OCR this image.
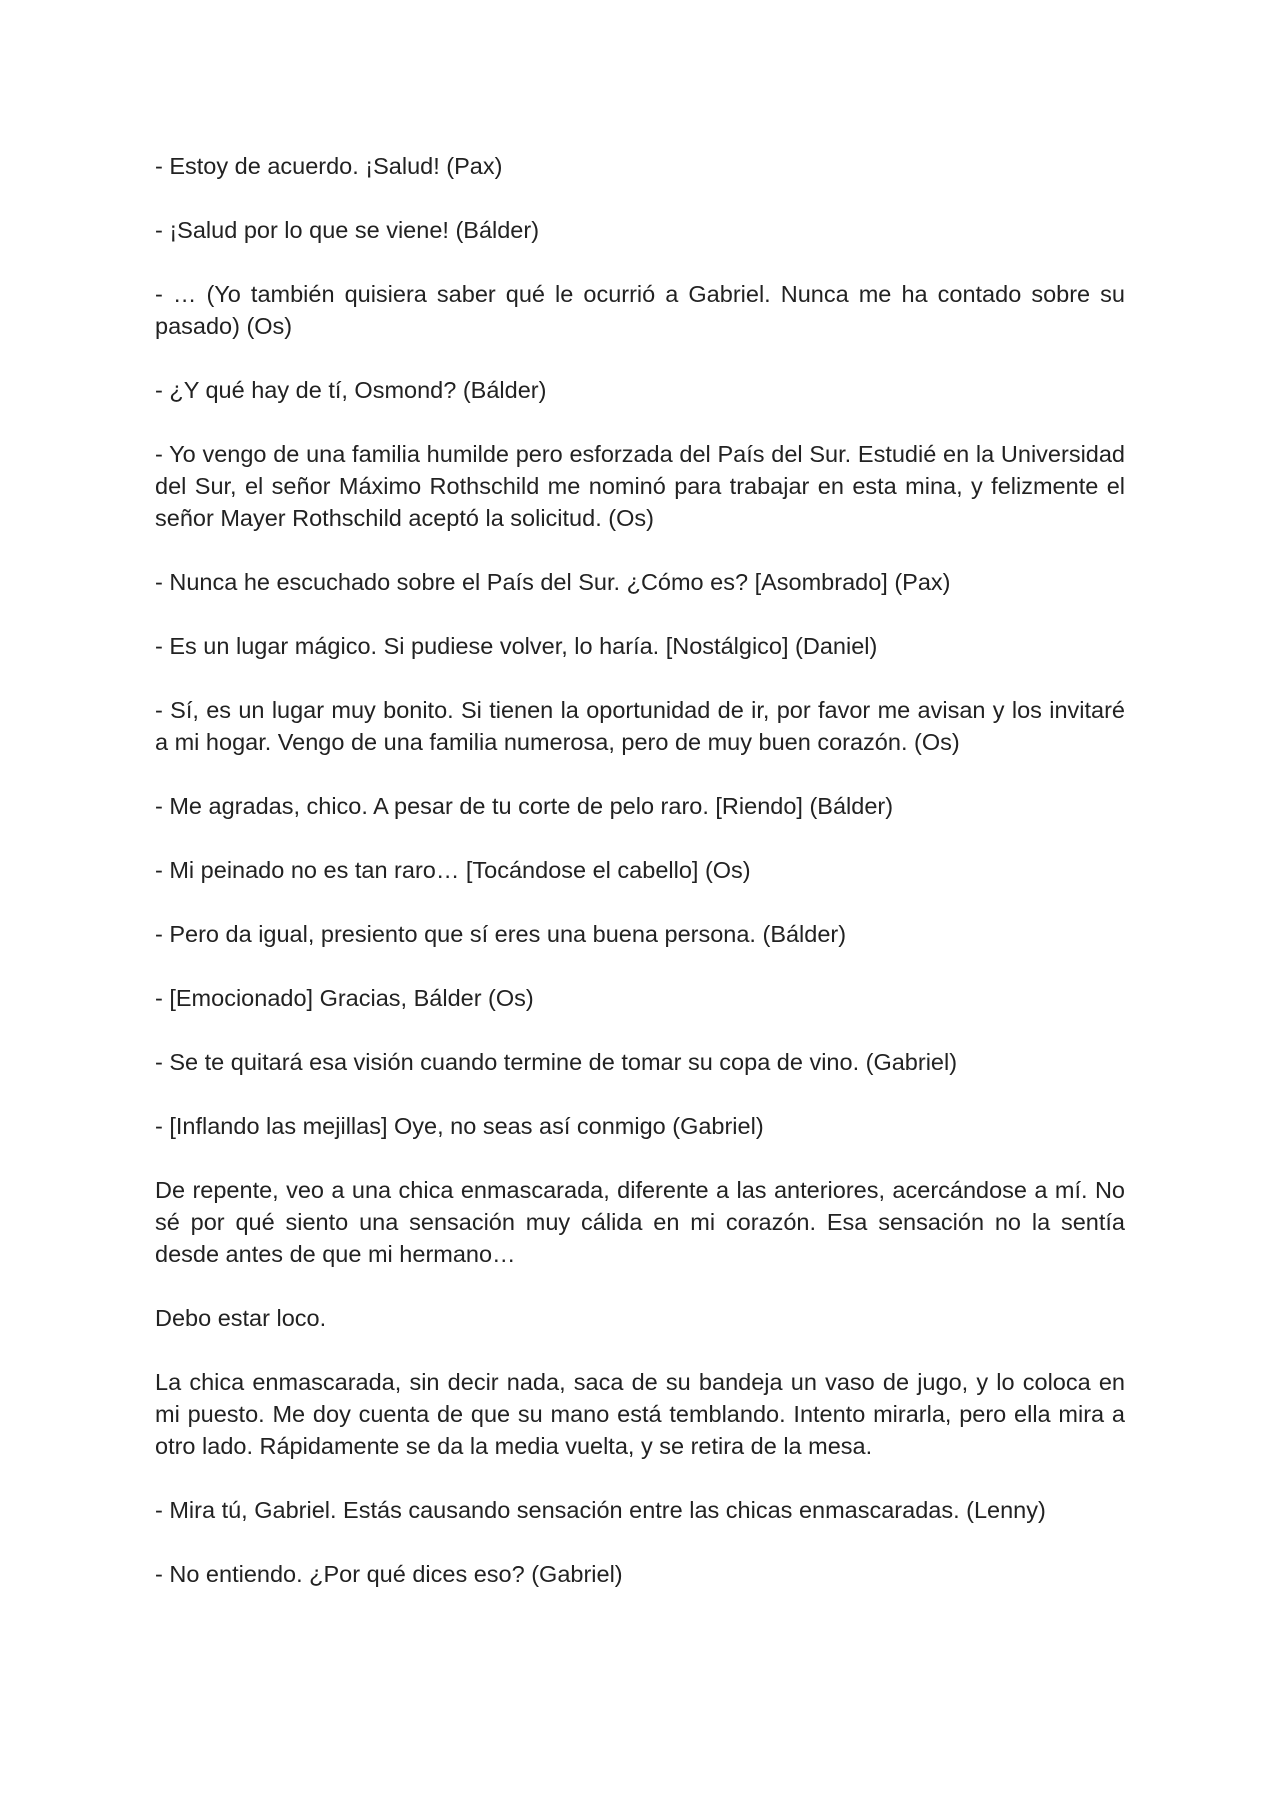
- Estoy de acuerdo. ¡Salud! (Pax)

- ¡Salud por lo que se viene! (Bálder)

- … (Yo también quisiera saber qué le ocurrió a Gabriel. Nunca me ha contado sobre su pasado) (Os)

- ¿Y qué hay de tí, Osmond? (Bálder)

- Yo vengo de una familia humilde pero esforzada del País del Sur. Estudié en la Universidad del Sur, el señor Máximo Rothschild me nominó para trabajar en esta mina, y felizmente el señor Mayer Rothschild aceptó la solicitud. (Os)

- Nunca he escuchado sobre el País del Sur. ¿Cómo es? [Asombrado] (Pax)

- Es un lugar mágico. Si pudiese volver, lo haría. [Nostálgico] (Daniel)

- Sí, es un lugar muy bonito. Si tienen la oportunidad de ir, por favor me avisan y los invitaré a mi hogar. Vengo de una familia numerosa, pero de muy buen corazón. (Os)

- Me agradas, chico. A pesar de tu corte de pelo raro. [Riendo] (Bálder)

- Mi peinado no es tan raro… [Tocándose el cabello] (Os)

- Pero da igual, presiento que sí eres una buena persona. (Bálder)

- [Emocionado] Gracias, Bálder (Os)

- Se te quitará esa visión cuando termine de tomar su copa de vino. (Gabriel)

- [Inflando las mejillas] Oye, no seas así conmigo (Gabriel)

De repente, veo a una chica enmascarada, diferente a las anteriores, acercándose a mí. No sé por qué siento una sensación muy cálida en mi corazón. Esa sensación no la sentía desde antes de que mi hermano…

Debo estar loco.

La chica enmascarada, sin decir nada, saca de su bandeja un vaso de jugo, y lo coloca en mi puesto. Me doy cuenta de que su mano está temblando. Intento mirarla, pero ella mira a otro lado. Rápidamente se da la media vuelta, y se retira de la mesa.

- Mira tú, Gabriel. Estás causando sensación entre las chicas enmascaradas. (Lenny)

- No entiendo. ¿Por qué dices eso? (Gabriel)
